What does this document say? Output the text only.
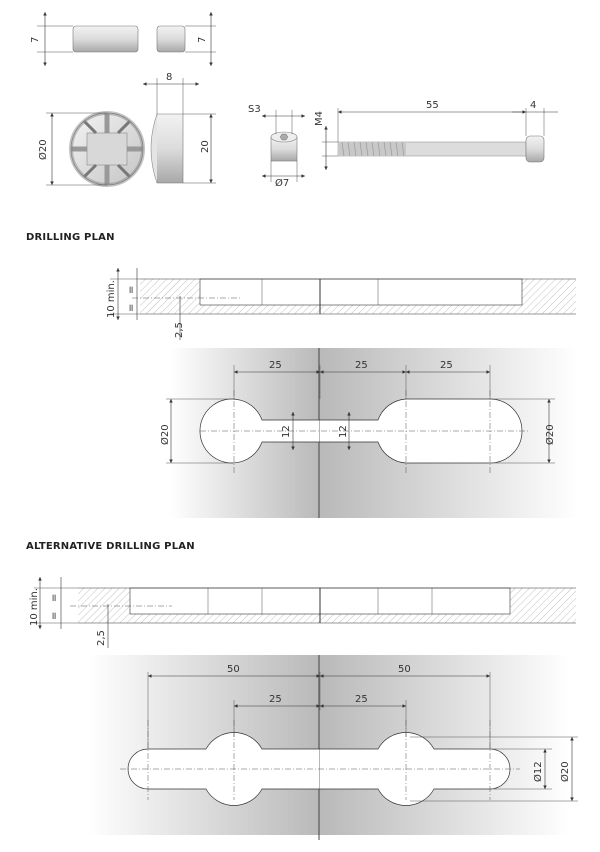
7	7
Ø20
8
20
S3
Ø7
55	4
M4
10 min. =
=
2,5
25	25	25
Ø20	Ø20
12	12
10 min. =
=
2,5
50	50
25	25
Ø12 Ø20
DRILLING PLAN
ALTERNATIVE DRILLING PLAN
